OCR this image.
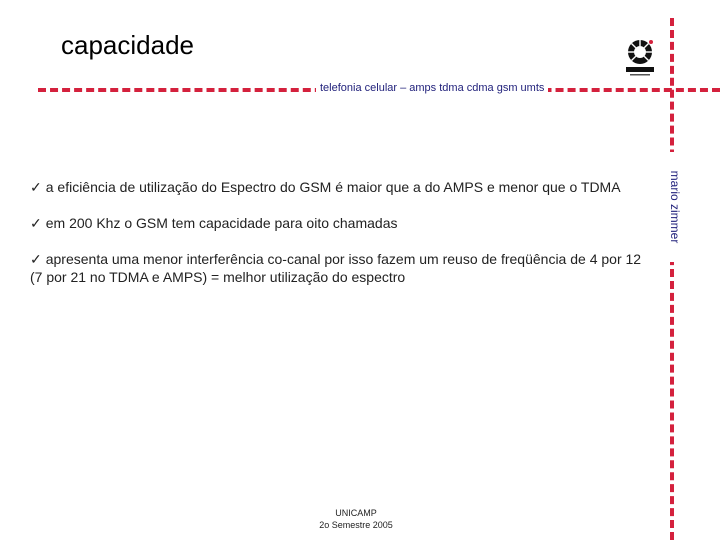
capacidade
telefonia celular – amps tdma cdma gsm umts
mario zimmer
✓ a eficiência de utilização do Espectro do GSM é maior que a do AMPS e menor que o TDMA
✓ em 200 Khz o GSM tem capacidade para oito chamadas
✓ apresenta uma menor interferência co-canal por isso fazem um reuso de freqüência de 4 por 12 (7 por 21 no TDMA e AMPS) = melhor utilização do espectro
UNICAMP
2o Semestre 2005
